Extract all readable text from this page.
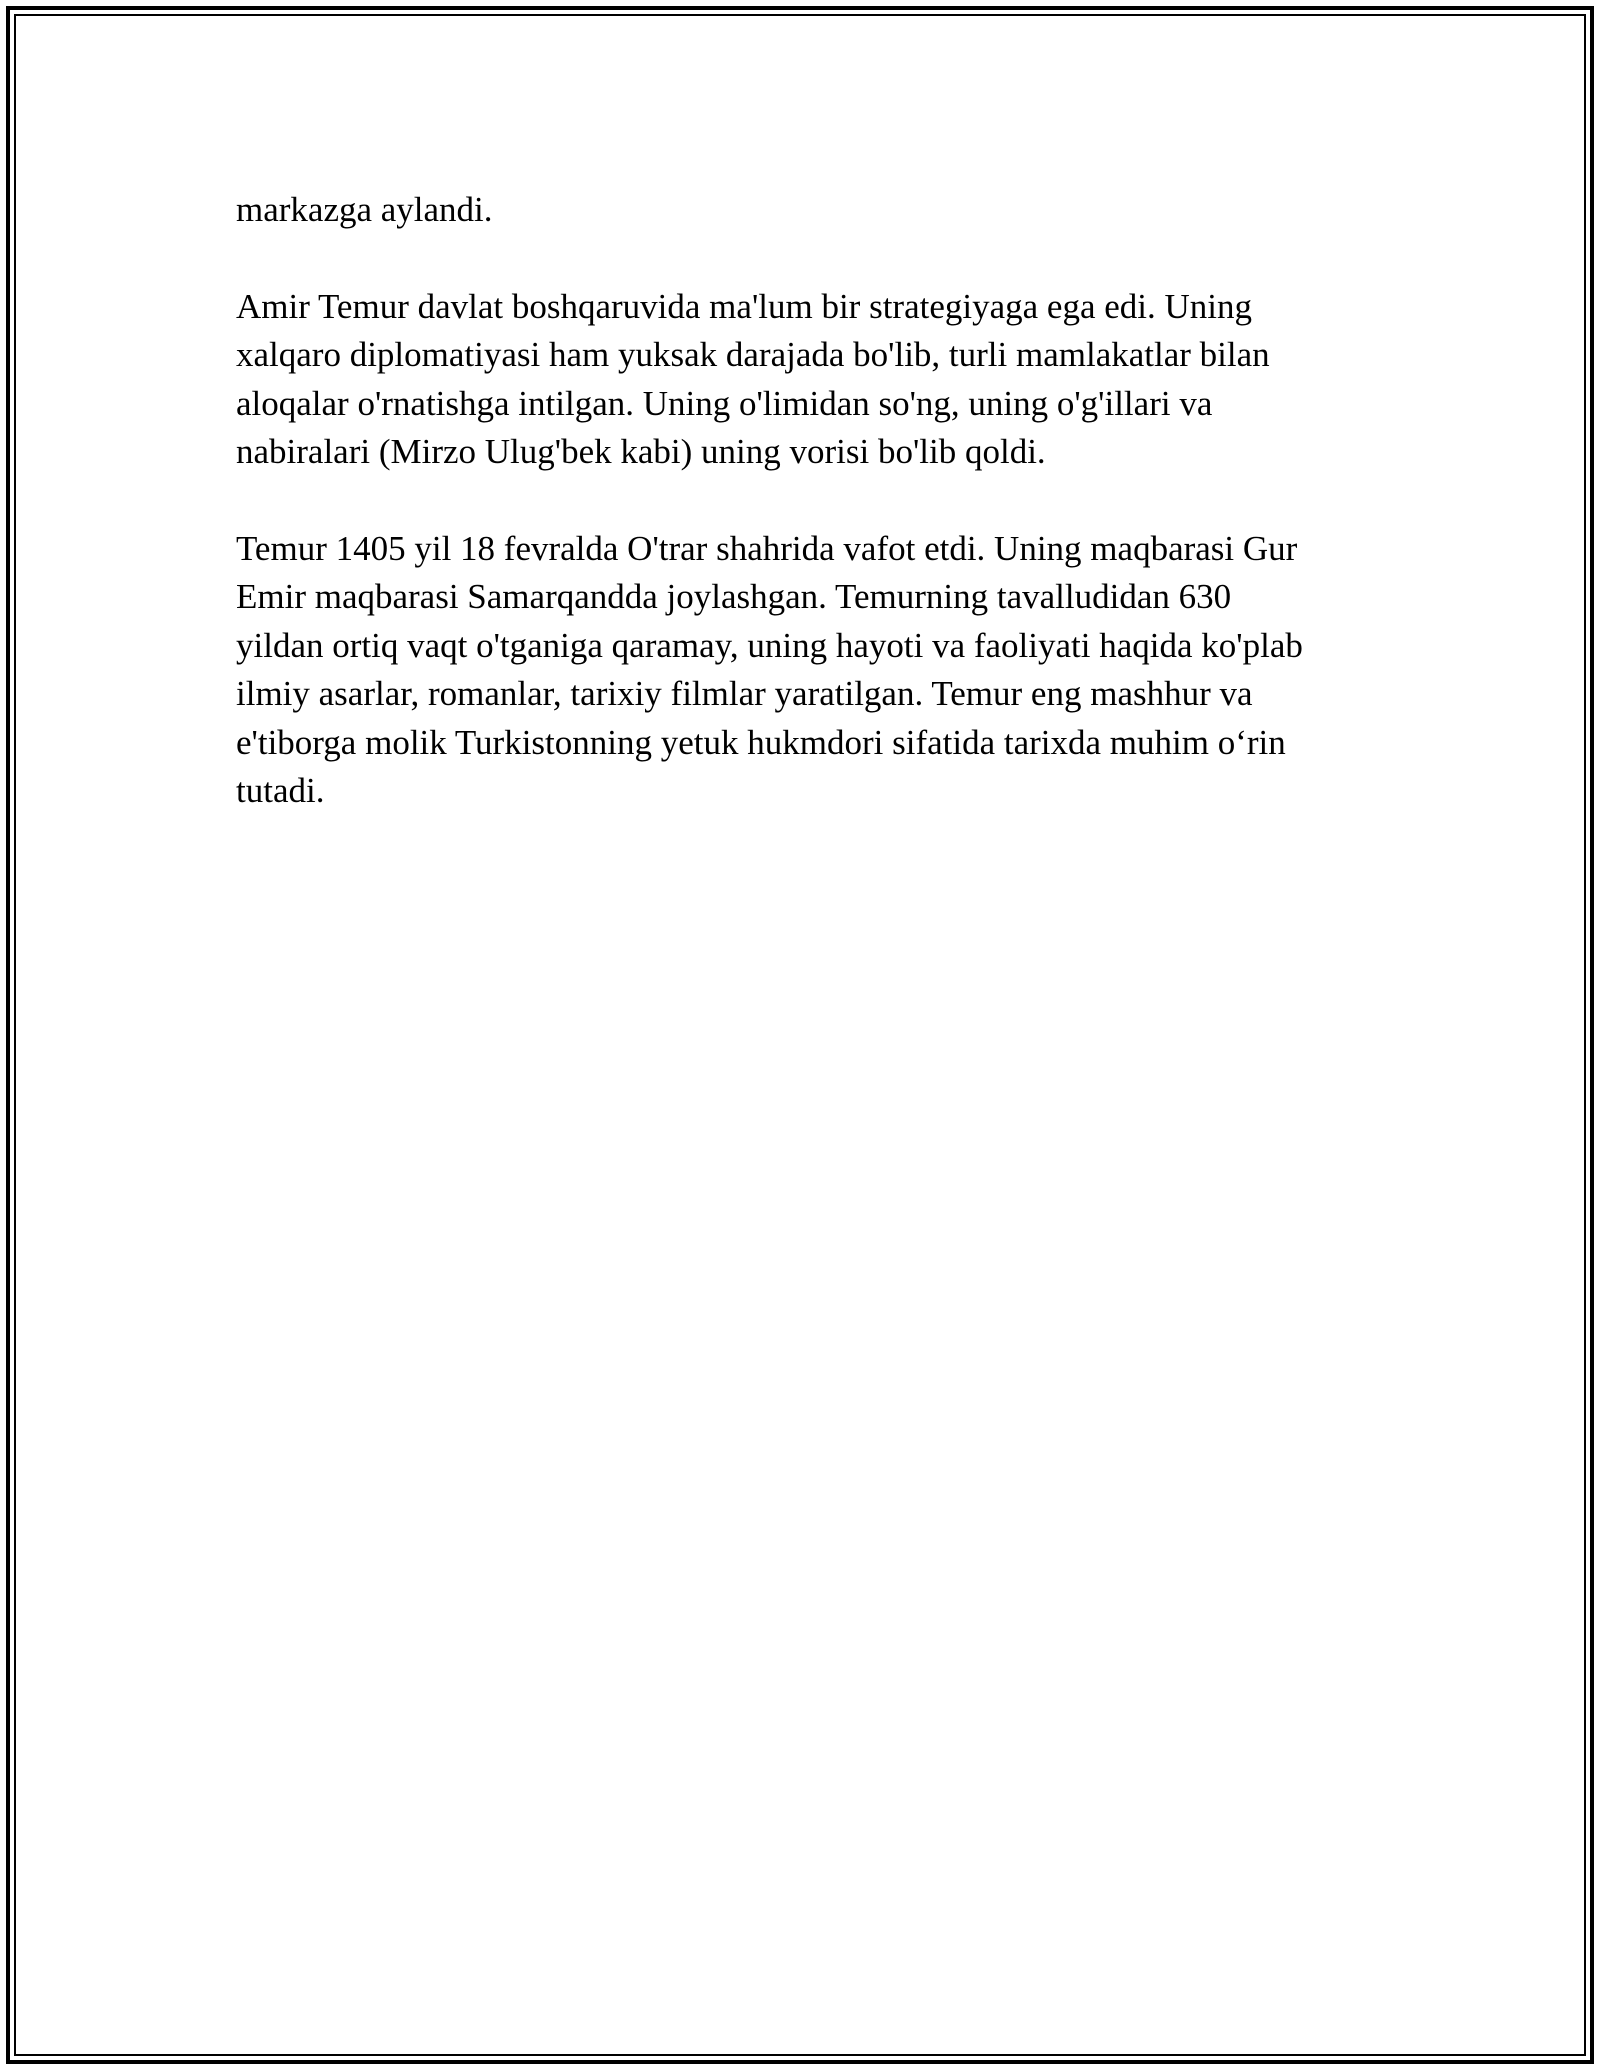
markazga aylandi.

Amir Temur davlat boshqaruvida ma'lum bir strategiyaga ega edi. Uning
xalqaro diplomatiyasi ham yuksak darajada bo'lib, turli mamlakatlar bilan
aloqalar o'rnatishga intilgan. Uning o'limidan so'ng, uning o'g'illari va
nabiralari (Mirzo Ulug'bek kabi) uning vorisi bo'lib qoldi.

Temur 1405 yil 18 fevralda O'trar shahrida vafot etdi. Uning maqbarasi Gur
Emir maqbarasi Samarqandda joylashgan. Temurning tavalludidan 630
yildan ortiq vaqt o'tganiga qaramay, uning hayoti va faoliyati haqida ko'plab
ilmiy asarlar, romanlar, tarixiy filmlar yaratilgan. Temur eng mashhur va
e'tiborga molik Turkistonning yetuk hukmdori sifatida tarixda muhim o‘rin
tutadi.
